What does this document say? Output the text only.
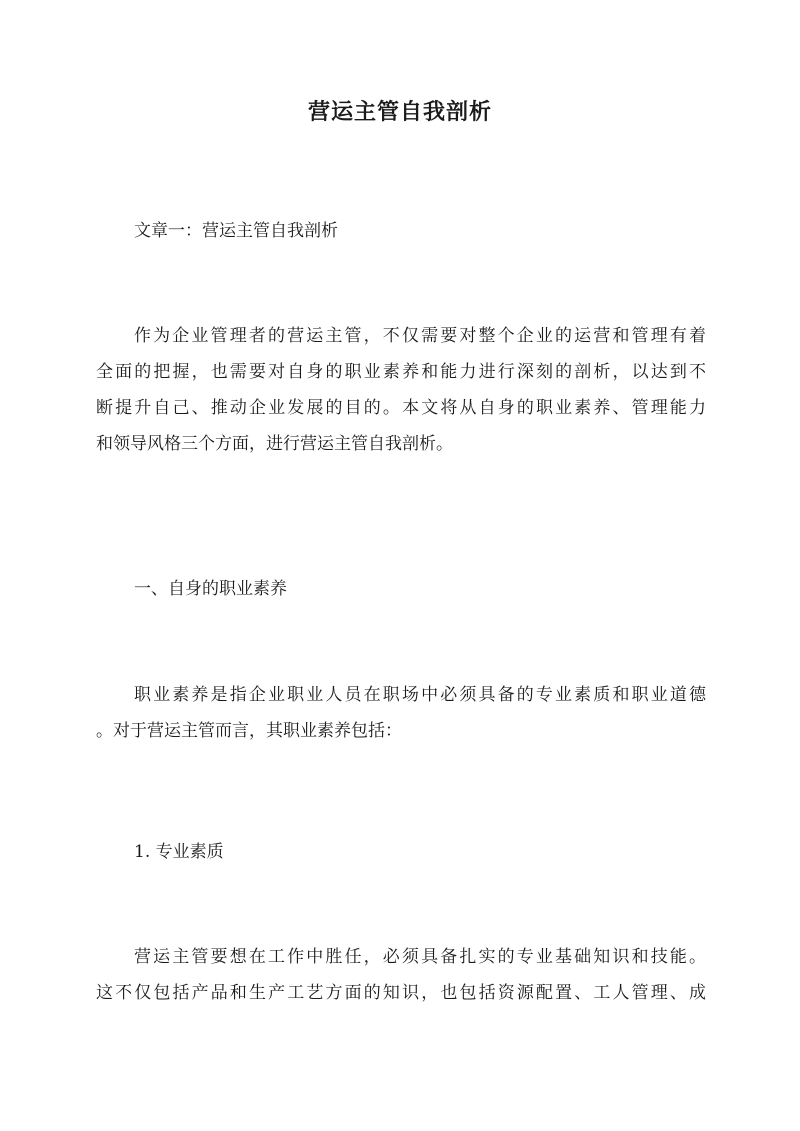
营运主管自我剖析
文章一：营运主管自我剖析
作为企业管理者的营运主管，不仅需要对整个企业的运营和管理有着
全面的把握，也需要对自身的职业素养和能力进行深刻的剖析，以达到不
断提升自己、推动企业发展的目的。本文将从自身的职业素养、管理能力
和领导风格三个方面，进行营运主管自我剖析。
一、自身的职业素养
职业素养是指企业职业人员在职场中必须具备的专业素质和职业道德
。对于营运主管而言，其职业素养包括：
1. 专业素质
营运主管要想在工作中胜任，必须具备扎实的专业基础知识和技能。
这不仅包括产品和生产工艺方面的知识，也包括资源配置、工人管理、成
